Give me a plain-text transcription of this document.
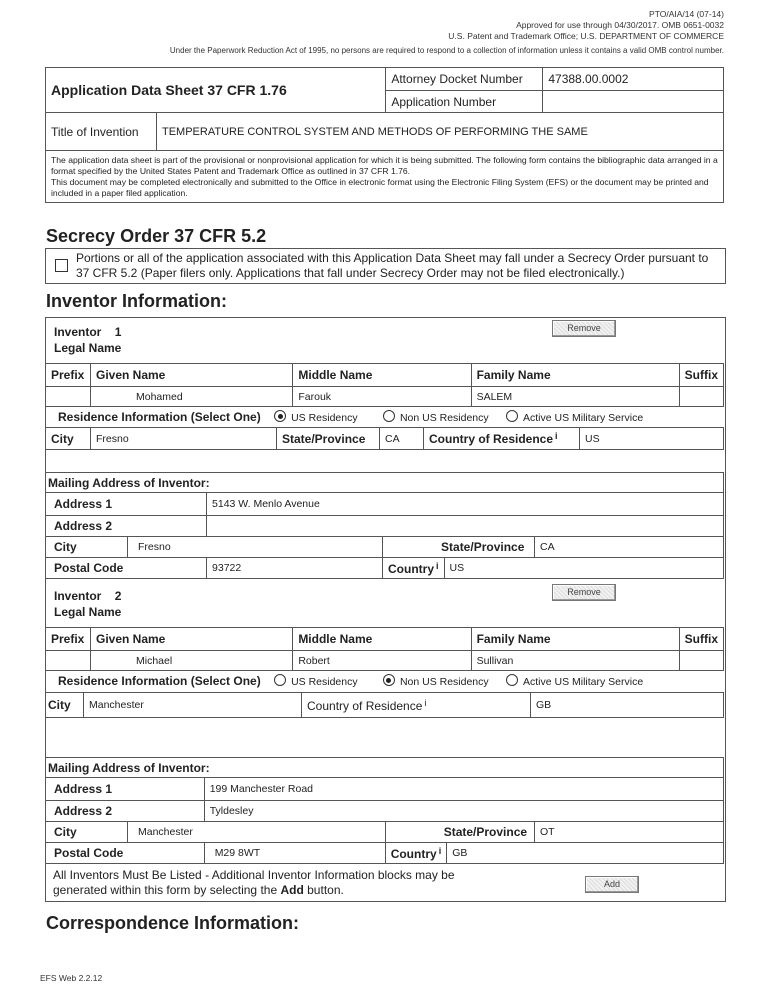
PTO/AIA/14 (07-14)
Approved for use through 04/30/2017. OMB 0651-0032
U.S. Patent and Trademark Office; U.S. DEPARTMENT OF COMMERCE
Under the Paperwork Reduction Act of 1995, no persons are required to respond to a collection of information unless it contains a valid OMB control number.
Application Data Sheet 37 CFR 1.76		Attorney Docket Number	47388.00.0002
		Application Number	
Title of Invention	TEMPERATURE CONTROL SYSTEM AND METHODS OF PERFORMING THE SAME		

The application data sheet is part of the provisional or nonprovisional application for which it is being submitted. The following form contains the bibliographic data arranged in a format specified by the United States Patent and Trademark Office as outlined in 37 CFR 1.76.
This document may be completed electronically and submitted to the Office in electronic format using the Electronic Filing System (EFS) or the document may be printed and included in a paper filed application.			
Secrecy Order 37 CFR 5.2
Portions or all of the application associated with this Application Data Sheet may fall under a Secrecy Order pursuant to 37 CFR 5.2 (Paper filers only. Applications that fall under Secrecy Order may not be filed electronically.)
Inventor Information:
Inventor 1	Remove
Legal Name
Prefix	Given Name	Middle Name	Family Name	Suffix
	Mohamed	Farouk	SALEM	
Residence Information (Select One)	US Residency	Non US Residency	Active US Military Service
City	Fresno	State/Province	CA	Country of Residence $^i$	US
Mailing Address of Inventor:					
Address 1		5143 W. Menlo Avenue			
Address 2					
City	Fresno		State/Province		CA
Postal Code		93722	Country $^i$	US	
Inventor 2	Remove
Legal Name
Prefix	Given Name	Middle Name	Family Name	Suffix
	Michael	Robert	Sullivan	
Residence Information (Select One)	US Residency	Non US Residency	Active US Military Service
City	Manchester	Country of Residence $^i$	GB
Mailing Address of Inventor:					
Address 1		199 Manchester Road			
Address 2		Tyldesley			
City	Manchester		State/Province		OT
Postal Code		M29 8WT	Country $^i$	GB	
All Inventors Must Be Listed - Additional Inventor Information blocks may be
generated within this form by selecting the Add button.	Add
Correspondence Information:
EFS Web 2.2.12
